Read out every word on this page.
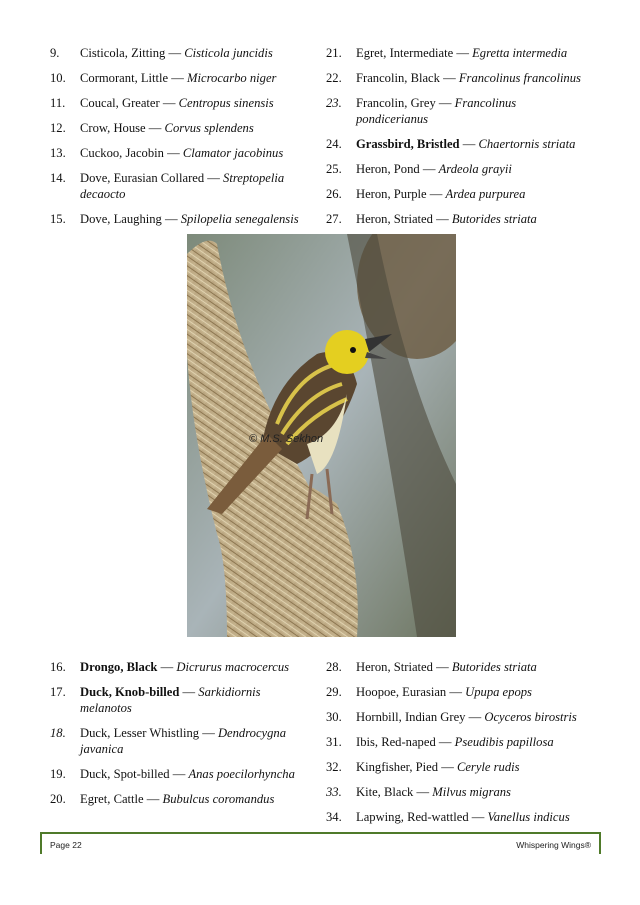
9.	Cisticola, Zitting — Cisticola juncidis
10.	Cormorant, Little — Microcarbo niger
11.	Coucal, Greater — Centropus sinensis
12.	Crow, House — Corvus splendens
13.	Cuckoo, Jacobin — Clamator jacobinus
14.	Dove, Eurasian Collared — Streptopelia decaocto
15.	Dove, Laughing — Spilopelia senegalensis
21.	Egret, Intermediate — Egretta intermedia
22.	Francolin, Black — Francolinus francolinus
23.	Francolin, Grey — Francolinus pondicerianus
24.	Grassbird, Bristled — Chaertornis striata
25.	Heron, Pond — Ardeola grayii
26.	Heron, Purple — Ardea purpurea
27.	Heron, Striated — Butorides striata
© M.S. Sekhon
16.	Drongo, Black — Dicrurus macrocercus
17.	Duck, Knob-billed — Sarkidiornis melanotos
18.	Duck, Lesser Whistling — Dendrocygna javanica
19.	Duck, Spot-billed — Anas poecilorhyncha
20.	Egret, Cattle — Bubulcus coromandus
28.	Heron, Striated — Butorides striata
29.	Hoopoe, Eurasian — Upupa epops
30.	Hornbill, Indian Grey — Ocyceros birostris
31.	Ibis, Red-naped — Pseudibis papillosa
32.	Kingfisher, Pied — Ceryle rudis
33.	Kite, Black — Milvus migrans
34.	Lapwing, Red-wattled — Vanellus indicus
Page 22	Whispering Wings®
